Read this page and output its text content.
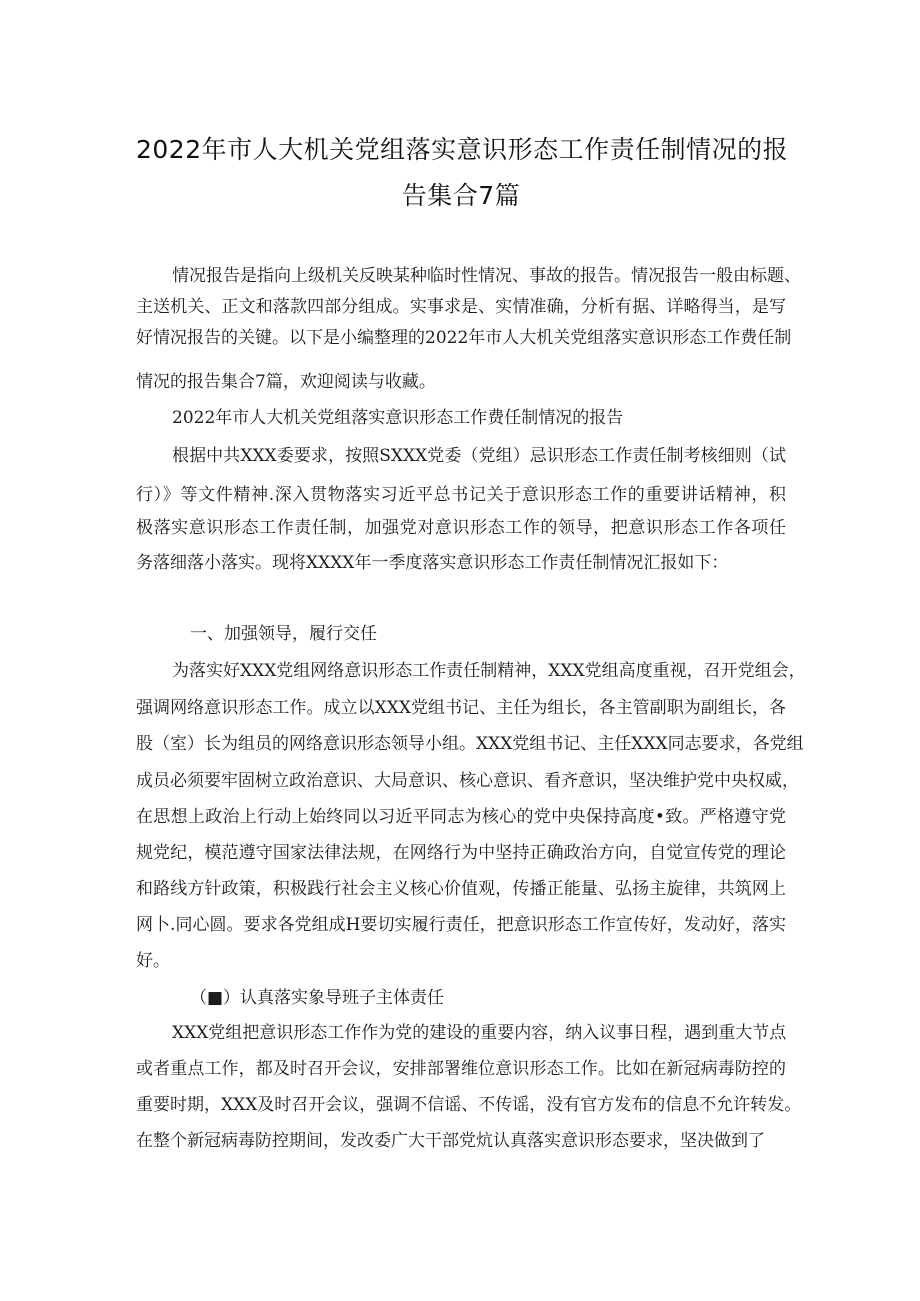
2022年市人大机关党组落实意识形态工作责任制情况的报
告集合7篇
情况报告是指向上级机关反映某种临时性情况、事故的报告。情况报告一般由标题、
主送机关、正文和落款四部分组成。实事求是、实情准确，分析有据、详略得当，是写
好情况报告的关键。以下是小编整理的2022年市人大机关党组落实意识形态工作费任制
情况的报告集合7篇，欢迎阅读与收藏。
2022年市人大机关党组落实意识形态工作费任制情况的报告
根据中共XXX委要求，按照SXXX党委（党组）忌识形态工作责任制考核细则（试
行）》等文件精神.深入贯物落实习近平总书记关于意识形态工作的重要讲话精神，积
极落实意识形态工作责任制，加强党对意识形态工作的领导，把意识形态工作各项任
务落细落小落实。现将XXXX年一季度落实意识形态工作责任制情况汇报如下：
一、加强领导，履行交任
为落实好XXX党组网络意识形态工作责任制精神，XXX党组高度重视，召开党组会，
强调网络意识形态工作。成立以XXX党组书记、主任为组长，各主管副职为副组长，各
股（室）长为组员的网络意识形态领导小组。XXX党组书记、主任XXX同志要求，各党组
成员必须要牢固树立政治意识、大局意识、核心意识、看齐意识，坚决维护党中央权威，
在思想上政治上行动上始终同以习近平同志为核心的党中央保持高度•致。严格遵守党
规党纪，模范遵守国家法律法规，在网络行为中坚持正确政治方向，自觉宣传党的理论
和路线方针政策，积极践行社会主义核心价值观，传播正能量、弘扬主旋律，共筑网上
网卜.同心圆。要求各党组成H要切实履行责任，把意识形态工作宣传好，发动好，落实
好。
（■）认真落实象导班子主体责任
XXX党组把意识形态工作作为党的建设的重要内容，纳入议事日程，遇到重大节点
或者重点工作，都及时召开会议，安排部署维位意识形态工作。比如在新冠病毒防控的
重要时期，XXX及时召开会议，强调不信谣、不传谣，没有官方发布的信息不允许转发。
在整个新冠病毒防控期间，发改委广大干部党炕认真落实意识形态要求，坚决做到了
